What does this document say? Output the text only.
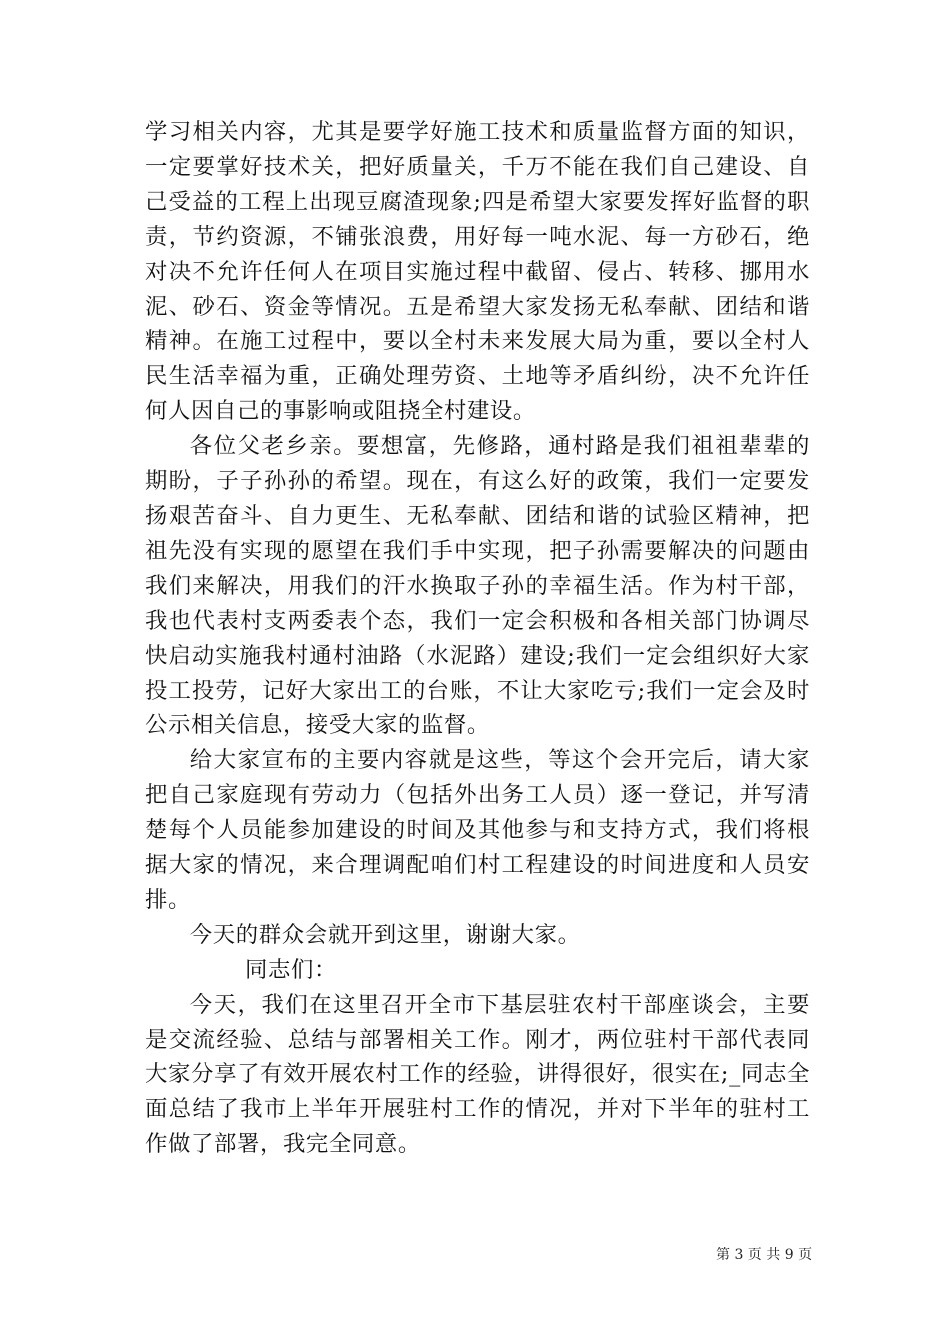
学习相关内容，尤其是要学好施工技术和质量监督方面的知识，一定要掌好技术关，把好质量关，千万不能在我们自己建设、自己受益的工程上出现豆腐渣现象;四是希望大家要发挥好监督的职责，节约资源，不铺张浪费，用好每一吨水泥、每一方砂石，绝对决不允许任何人在项目实施过程中截留、侵占、转移、挪用水泥、砂石、资金等情况。五是希望大家发扬无私奉献、团结和谐精神。在施工过程中，要以全村未来发展大局为重，要以全村人民生活幸福为重，正确处理劳资、土地等矛盾纠纷，决不允许任何人因自己的事影响或阻挠全村建设。

各位父老乡亲。要想富，先修路，通村路是我们祖祖辈辈的期盼，子子孙孙的希望。现在，有这么好的政策，我们一定要发扬艰苦奋斗、自力更生、无私奉献、团结和谐的试验区精神，把祖先没有实现的愿望在我们手中实现，把子孙需要解决的问题由我们来解决，用我们的汗水换取子孙的幸福生活。作为村干部，我也代表村支两委表个态，我们一定会积极和各相关部门协调尽快启动实施我村通村油路（水泥路）建设;我们一定会组织好大家投工投劳，记好大家出工的台账，不让大家吃亏;我们一定会及时公示相关信息，接受大家的监督。

给大家宣布的主要内容就是这些，等这个会开完后，请大家把自己家庭现有劳动力（包括外出务工人员）逐一登记，并写清楚每个人员能参加建设的时间及其他参与和支持方式，我们将根据大家的情况，来合理调配咱们村工程建设的时间进度和人员安排。

今天的群众会就开到这里，谢谢大家。

同志们：

今天，我们在这里召开全市下基层驻农村干部座谈会，主要是交流经验、总结与部署相关工作。刚才，两位驻村干部代表同大家分享了有效开展农村工作的经验，讲得很好，很实在;_同志全面总结了我市上半年开展驻村工作的情况，并对下半年的驻村工作做了部署，我完全同意。

第 3 页 共 9 页
